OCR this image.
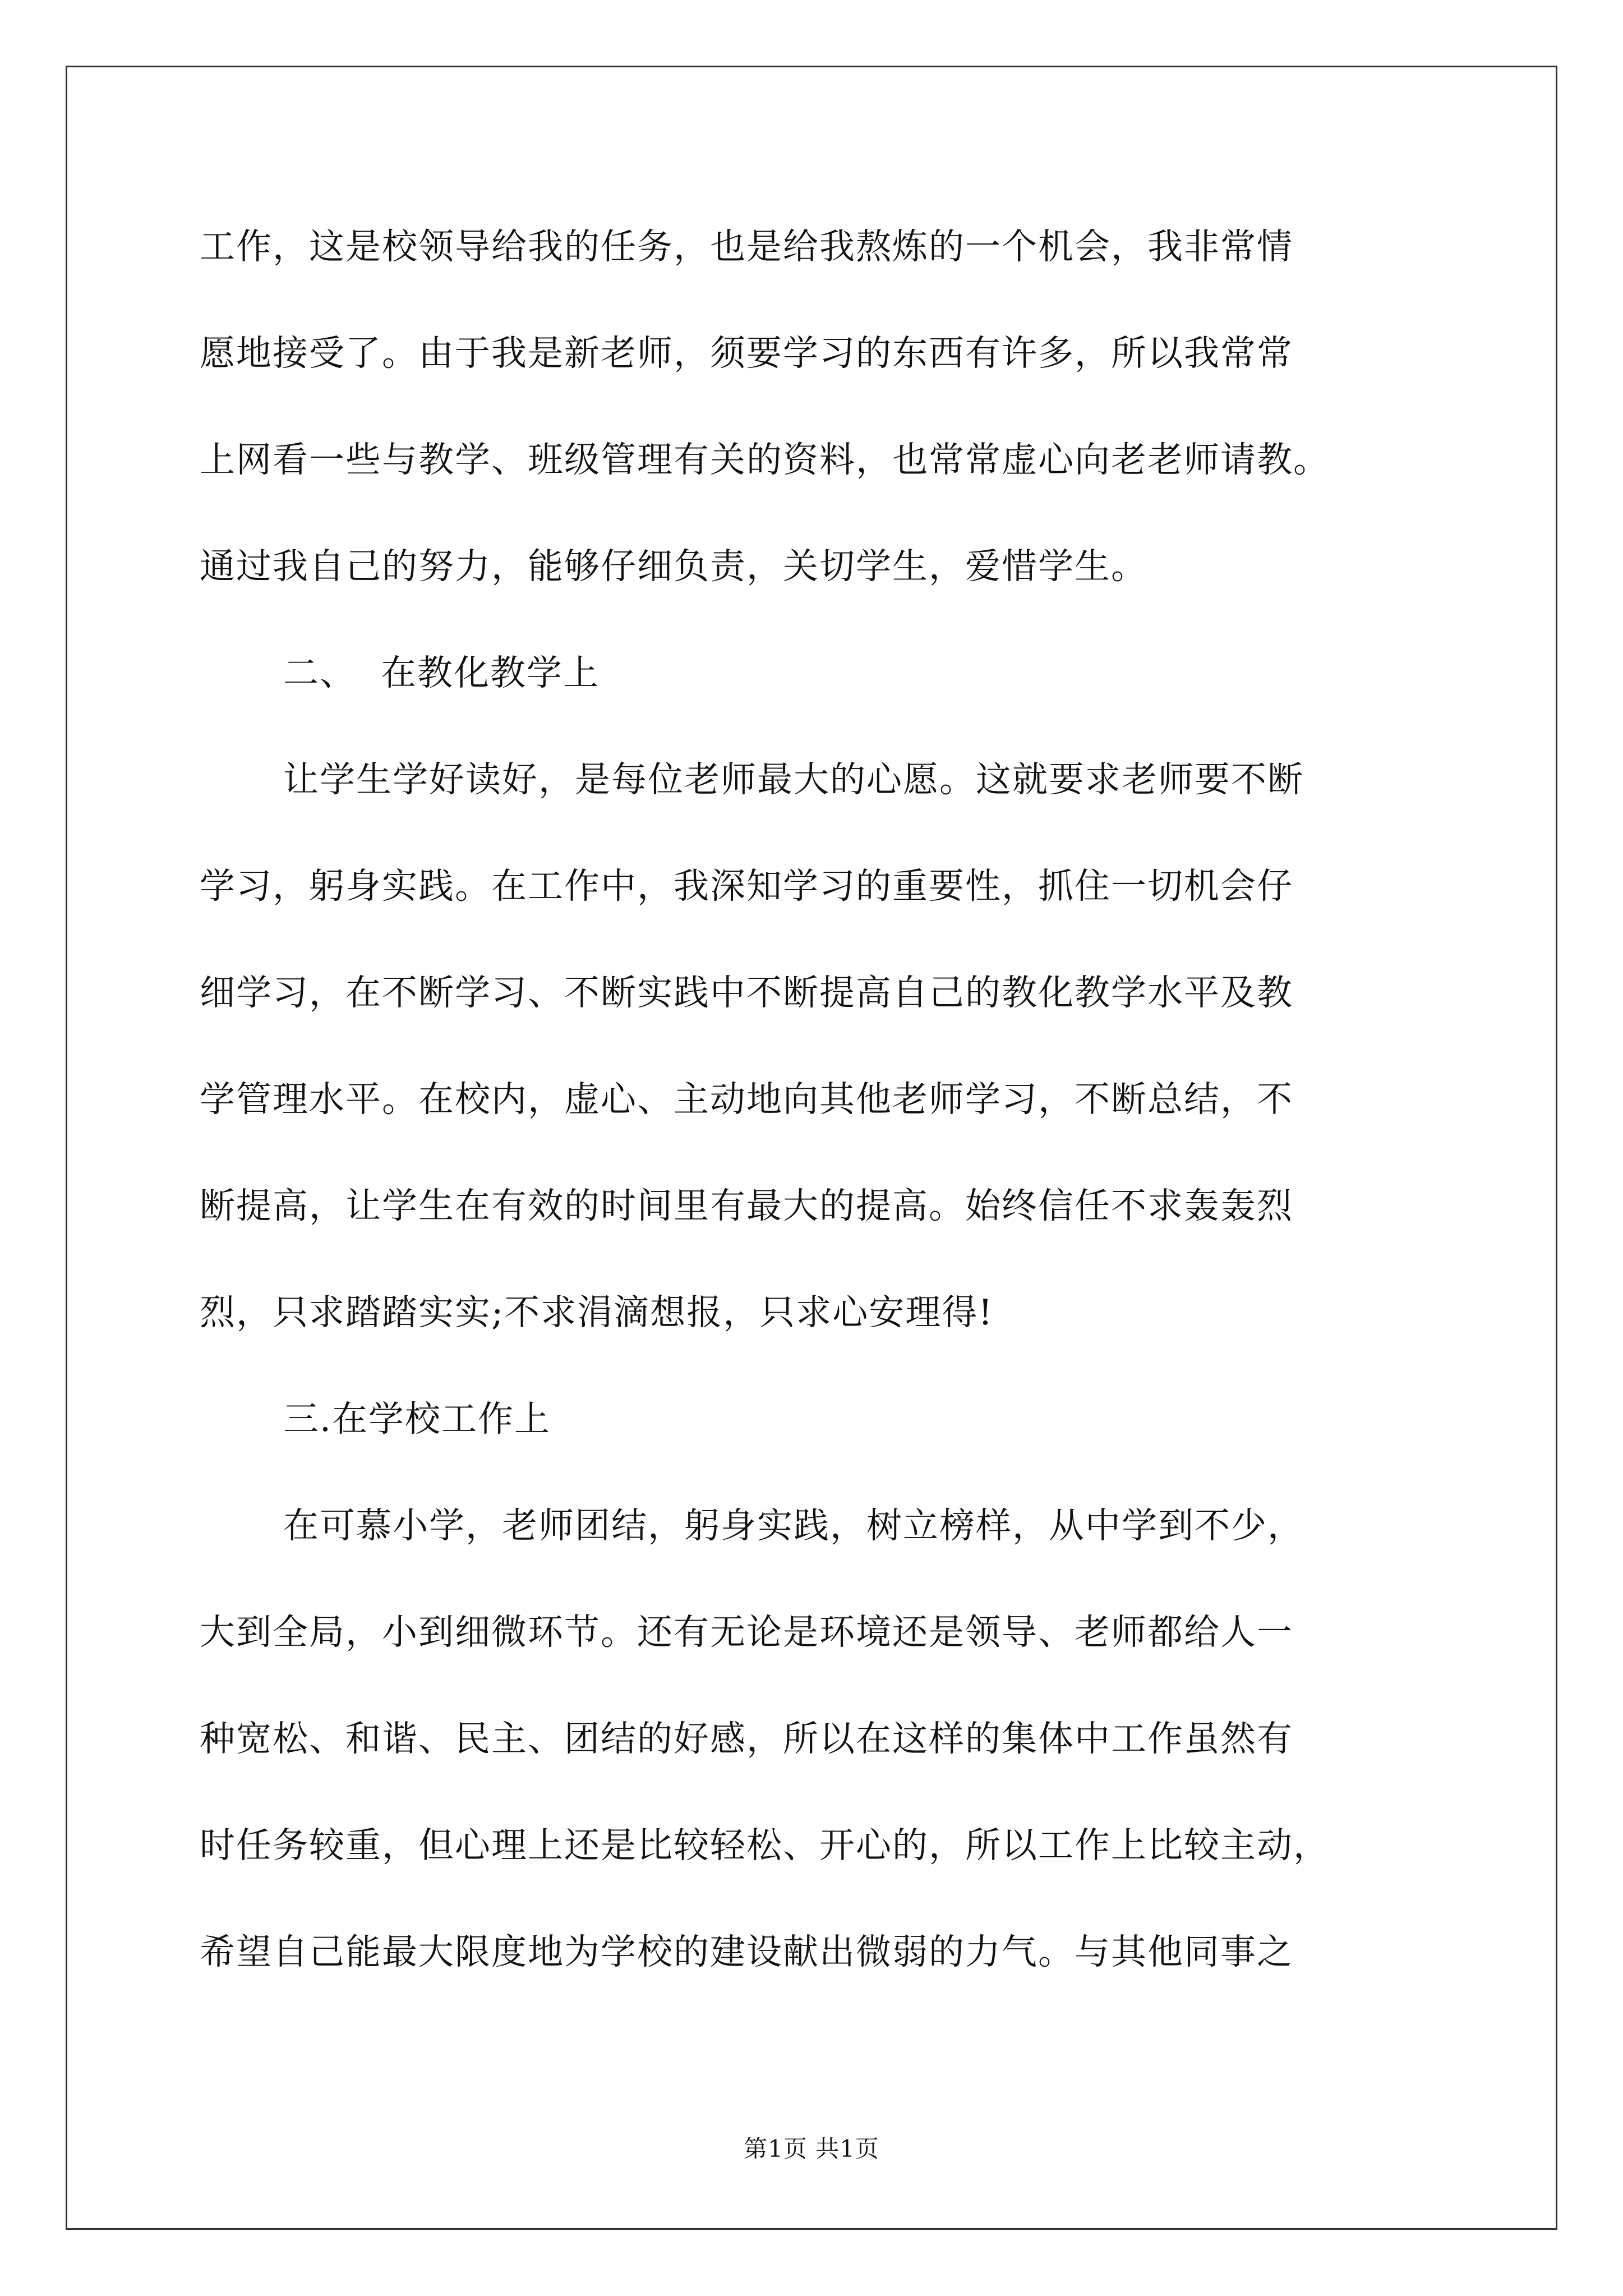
工作，这是校领导给我的任务，也是给我熬炼的一个机会，我非常情
愿地接受了。由于我是新老师，须要学习的东西有许多，所以我常常
上网看一些与教学、班级管理有关的资料，也常常虚心向老老师请教。
通过我自己的努力，能够仔细负责，关切学生，爱惜学生。
二、  在教化教学上
让学生学好读好，是每位老师最大的心愿。这就要求老师要不断
学习，躬身实践。在工作中，我深知学习的重要性，抓住一切机会仔
细学习，在不断学习、不断实践中不断提高自己的教化教学水平及教
学管理水平。在校内，虚心、主动地向其他老师学习，不断总结，不
断提高，让学生在有效的时间里有最大的提高。始终信任不求轰轰烈
烈，只求踏踏实实;不求涓滴想报，只求心安理得!
三.在学校工作上
在可慕小学，老师团结，躬身实践，树立榜样，从中学到不少，
大到全局，小到细微环节。还有无论是环境还是领导、老师都给人一
种宽松、和谐、民主、团结的好感，所以在这样的集体中工作虽然有
时任务较重，但心理上还是比较轻松、开心的，所以工作上比较主动，
希望自己能最大限度地为学校的建设献出微弱的力气。与其他同事之
第1页 共1页
